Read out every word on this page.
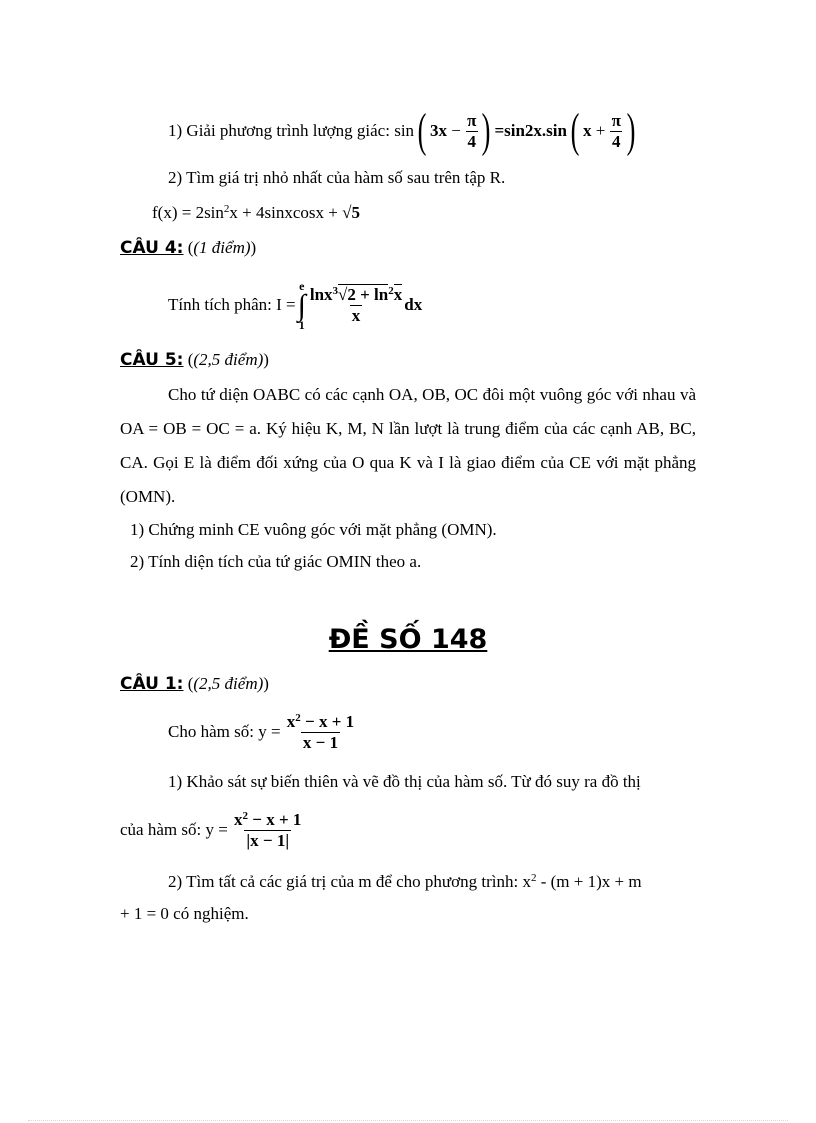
1) Giải phương trình lượng giác:
sin ( 3x
−
$\frac{\pi}{4}$ ) = sin2x.sin ( x
+
$\frac{\pi}{4}$ )
2) Tìm giá trị nhỏ nhất của hàm số sau trên tập R.
$f(x) = 2\sin^2x$ + 4sinxcosx + √5
CÂU 4: ((1 điểm))
Tính tích phân: I =
e
∫
$1 \frac{\ln x^3√2 + \ln^2x}{x}$ dx
CÂU 5: ((2,5 điểm))
Cho tứ diện OABC có các cạnh OA, OB, OC đôi một vuông góc với nhau và OA = OB = OC = a. Ký hiệu K, M, N lần lượt là trung điểm của các cạnh AB, BC, CA. Gọi E là điểm đối xứng của O qua K và I là giao điểm của CE với mặt phẳng (OMN).
1) Chứng minh CE vuông góc với mặt phẳng (OMN).
2) Tính diện tích của tứ giác OMIN theo a.
ĐỀ SỐ 148
CÂU 1: ((2,5 điểm))
Cho hàm số: y =
$\frac{x^2 - x + 1}{x - 1}$
1) Khảo sát sự biến thiên và vẽ đồ thị của hàm số. Từ đó suy ra đồ thị
của hàm số: y =
$\frac{x^2 - x + 1}{|x - 1|}$
2) Tìm tất cả các giá trị của m để cho phương trình: $x^2 - (m + 1)x + m$
+ 1 = 0 có nghiệm.
